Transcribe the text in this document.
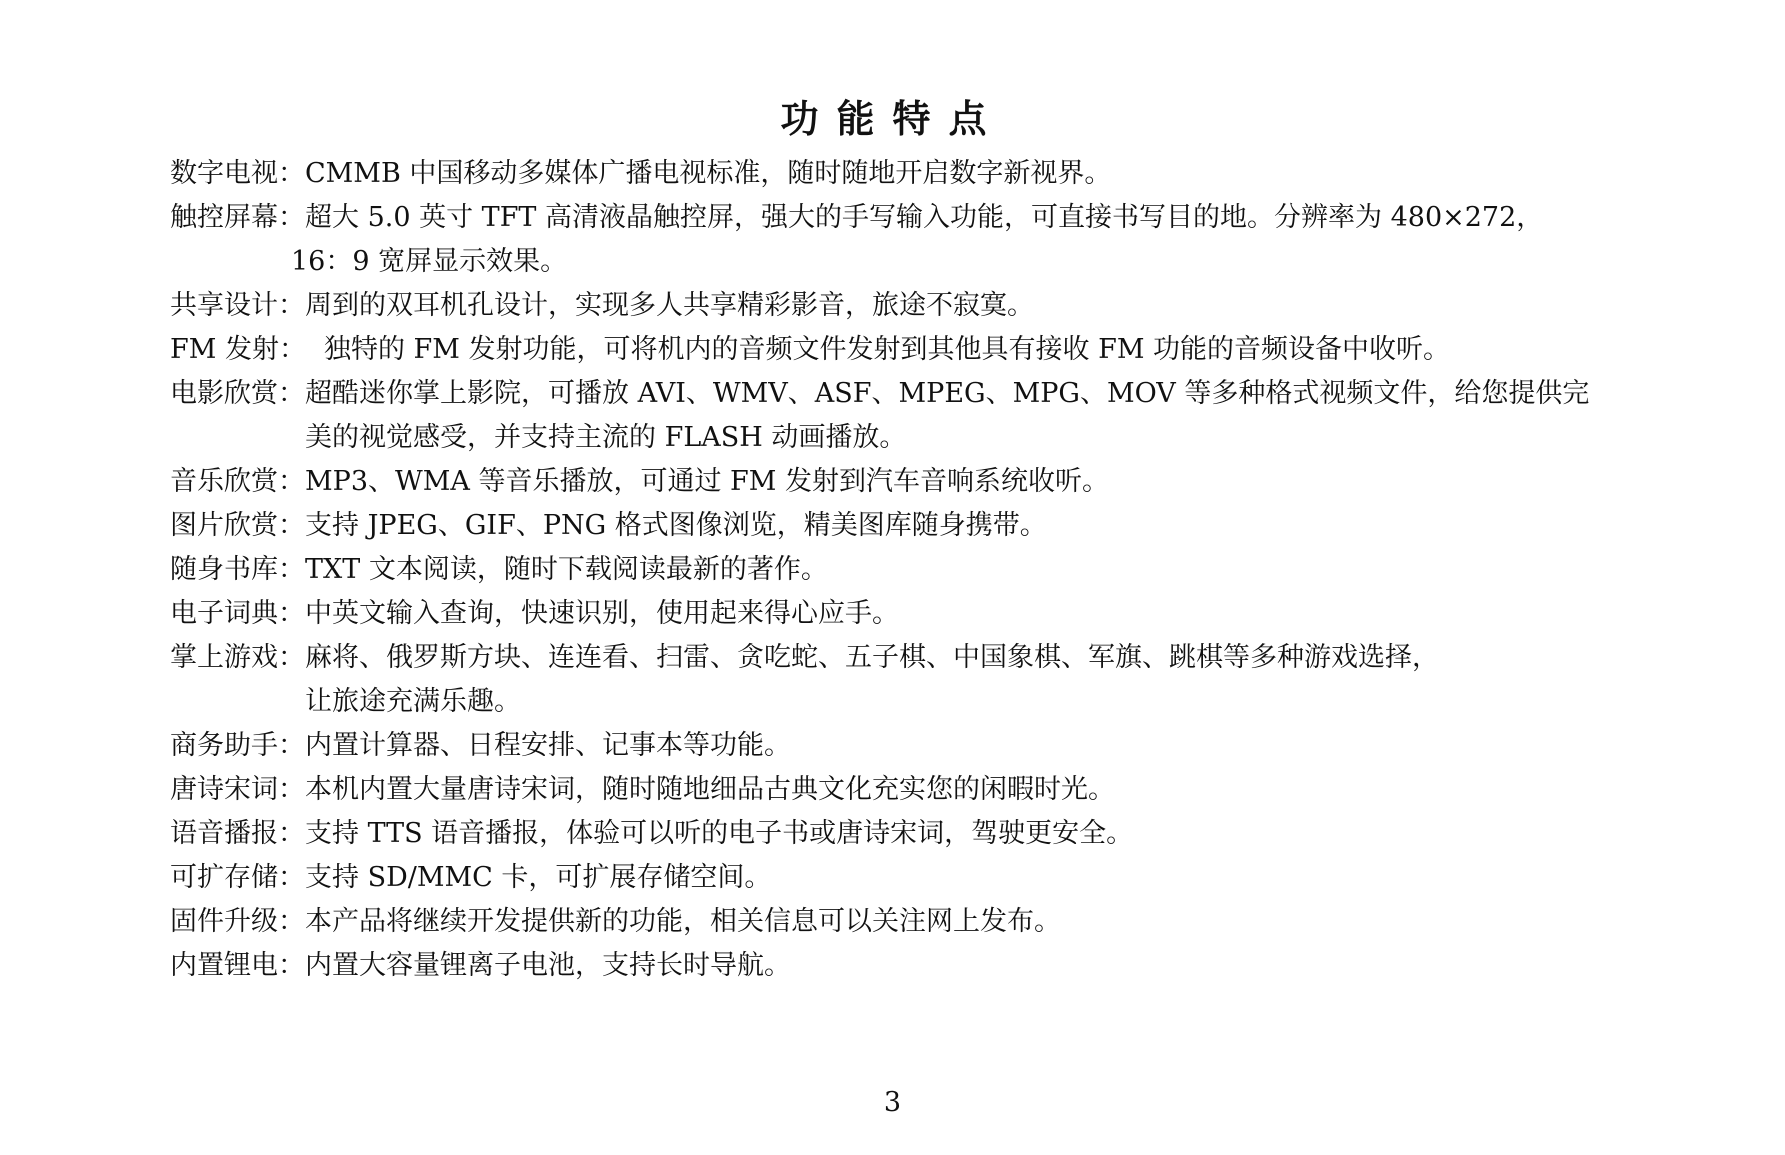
功能特点
数字电视： CMMB 中国移动多媒体广播电视标准，随时随地开启数字新视界。
触控屏幕： 超大 5.0 英寸 TFT 高清液晶触控屏，强大的手写输入功能，可直接书写目的地。分辨率为 480×272，
16：9 宽屏显示效果。
共享设计： 周到的双耳机孔设计，实现多人共享精彩影音，旅途不寂寞。
FM 发射： 独特的 FM 发射功能，可将机内的音频文件发射到其他具有接收 FM 功能的音频设备中收听。
电影欣赏： 超酷迷你掌上影院，可播放 AVI、WMV、ASF、MPEG、MPG、MOV 等多种格式视频文件，给您提供完
美的视觉感受，并支持主流的 FLASH 动画播放。
音乐欣赏： MP3、WMA 等音乐播放，可通过 FM 发射到汽车音响系统收听。
图片欣赏： 支持 JPEG、GIF、PNG 格式图像浏览，精美图库随身携带。
随身书库： TXT 文本阅读，随时下载阅读最新的著作。
电子词典： 中英文输入查询，快速识别，使用起来得心应手。
掌上游戏： 麻将、俄罗斯方块、连连看、扫雷、贪吃蛇、五子棋、中国象棋、军旗、跳棋等多种游戏选择，
让旅途充满乐趣。
商务助手： 内置计算器、日程安排、记事本等功能。
唐诗宋词： 本机内置大量唐诗宋词，随时随地细品古典文化充实您的闲暇时光。
语音播报： 支持 TTS 语音播报，体验可以听的电子书或唐诗宋词，驾驶更安全。
可扩存储： 支持 SD/MMC 卡，可扩展存储空间。
固件升级： 本产品将继续开发提供新的功能，相关信息可以关注网上发布。
内置锂电： 内置大容量锂离子电池，支持长时导航。
3
